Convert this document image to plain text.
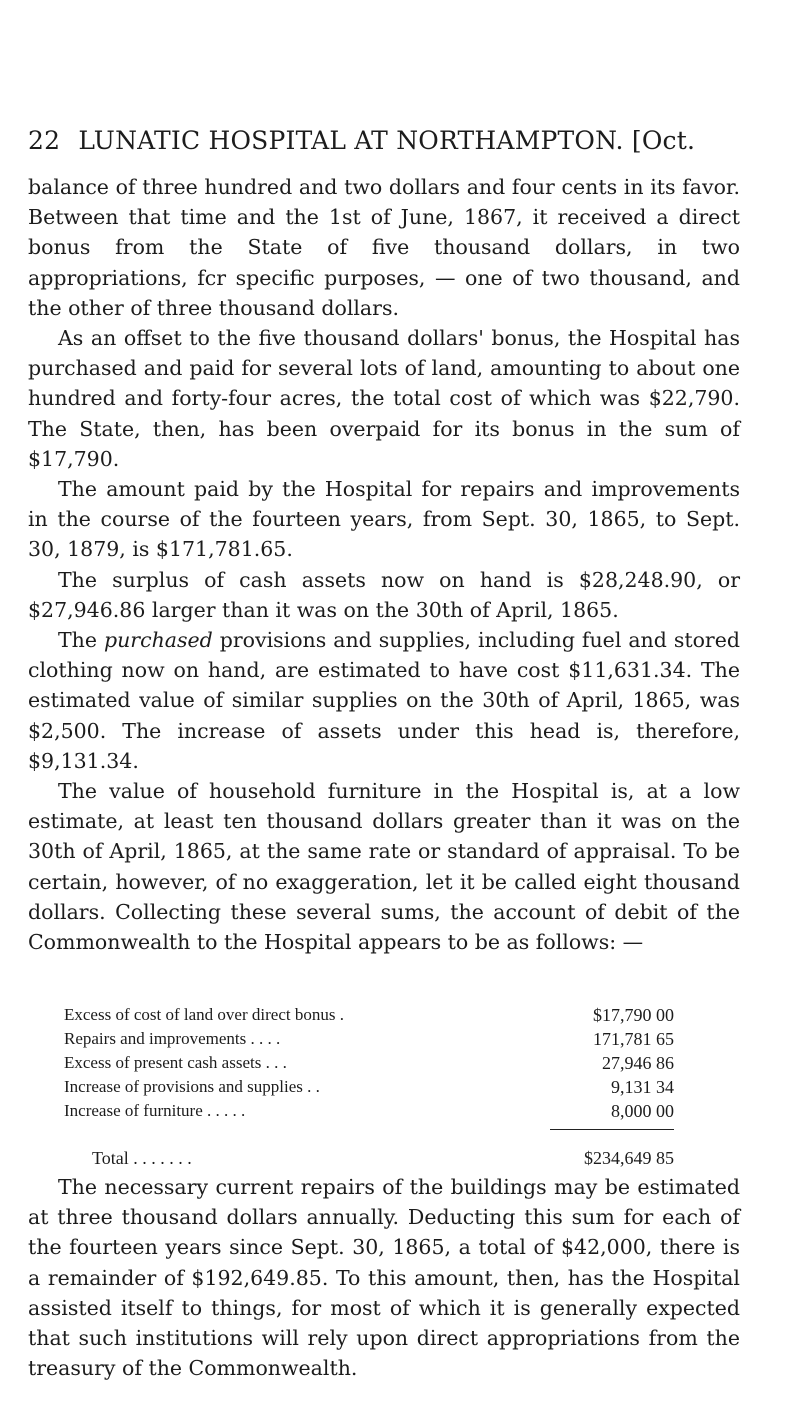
22 LUNATIC HOSPITAL AT NORTHAMPTON. [Oct.

balance of three hundred and two dollars and four cents in its favor. Between that time and the 1st of June, 1867, it received a direct bonus from the State of five thousand dollars, in two appropriations, fcr specific purposes, — one of two thousand, and the other of three thousand dollars.

As an offset to the five thousand dollars' bonus, the Hospital has purchased and paid for several lots of land, amounting to about one hundred and forty-four acres, the total cost of which was $22,790. The State, then, has been overpaid for its bonus in the sum of $17,790.

The amount paid by the Hospital for repairs and improvements in the course of the fourteen years, from Sept. 30, 1865, to Sept. 30, 1879, is $171,781.65.

The surplus of cash assets now on hand is $28,248.90, or $27,946.86 larger than it was on the 30th of April, 1865.

The purchased provisions and supplies, including fuel and stored clothing now on hand, are estimated to have cost $11,631.34. The estimated value of similar supplies on the 30th of April, 1865, was $2,500. The increase of assets under this head is, therefore, $9,131.34.

The value of household furniture in the Hospital is, at a low estimate, at least ten thousand dollars greater than it was on the 30th of April, 1865, at the same rate or standard of appraisal. To be certain, however, of no exaggeration, let it be called eight thousand dollars. Collecting these several sums, the account of debit of the Commonwealth to the Hospital appears to be as follows: —

Excess of cost of land over direct bonus .	$17,790 00
Repairs and improvements . . . .	171,781 65
Excess of present cash assets . . .	27,946 86
Increase of provisions and supplies . .	9,131 34
Increase of furniture . . . . .	8,000 00
Total . . . . . . .	$234,649 85

The necessary current repairs of the buildings may be estimated at three thousand dollars annually. Deducting this sum for each of the fourteen years since Sept. 30, 1865, a total of $42,000, there is a remainder of $192,649.85. To this amount, then, has the Hospital assisted itself to things, for most of which it is generally expected that such institutions will rely upon direct appropriations from the treasury of the Commonwealth.
